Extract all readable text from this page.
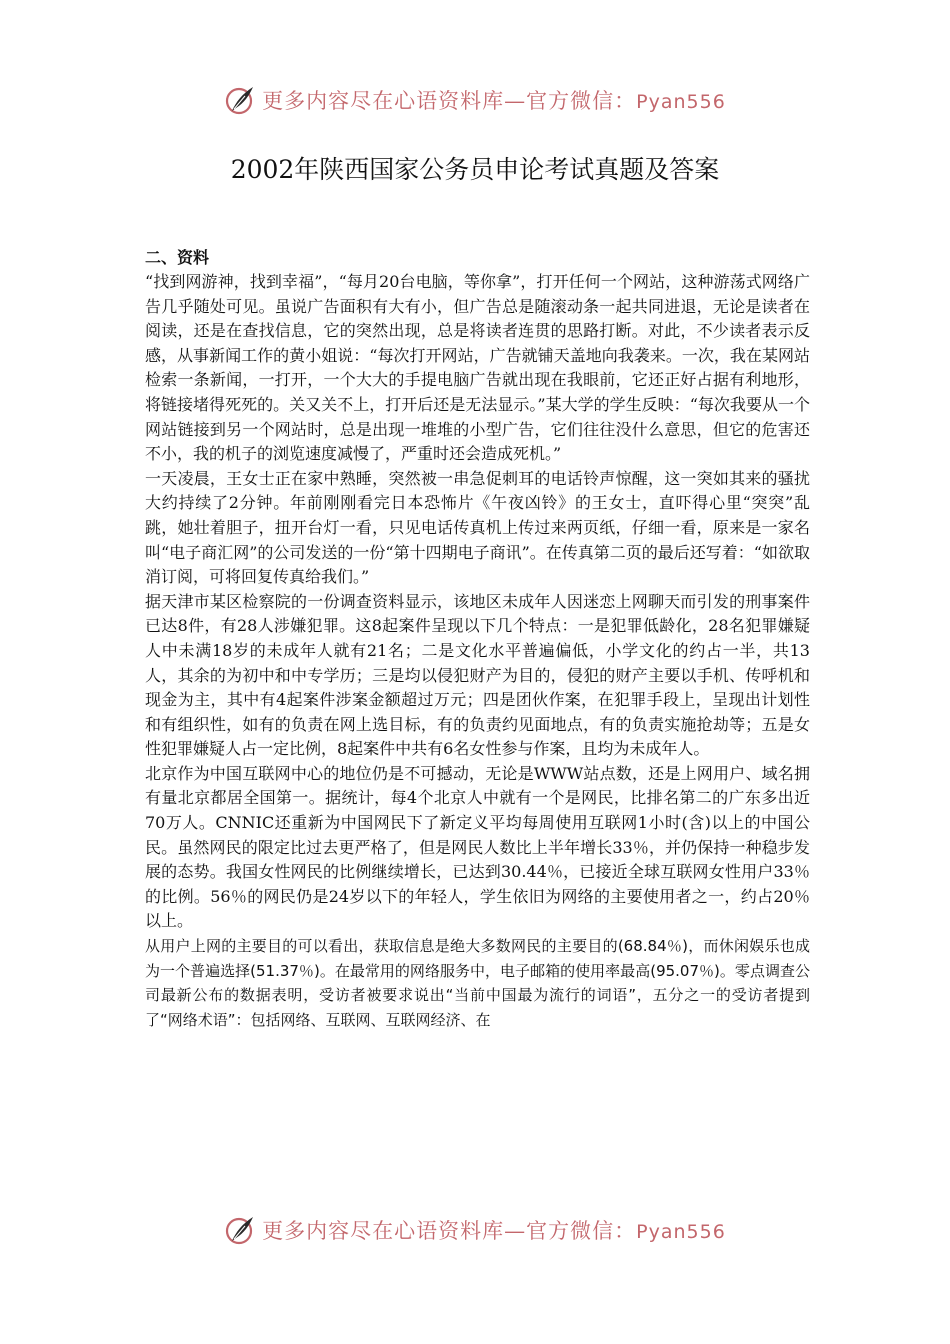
更多内容尽在心语资料库—官方微信：Pyan556
2002年陕西国家公务员申论考试真题及答案

二、资料

“找到网游神，找到幸福”，“每月20台电脑，等你拿”，打开任何一个网站，这种游荡式网络广告几乎随处可见。虽说广告面积有大有小，但广告总是随滚动条一起共同进退，无论是读者在阅读，还是在查找信息，它的突然出现，总是将读者连贯的思路打断。对此，不少读者表示反感，从事新闻工作的黄小姐说：“每次打开网站，广告就铺天盖地向我袭来。一次，我在某网站检索一条新闻，一打开，一个大大的手提电脑广告就出现在我眼前，它还正好占据有利地形，将链接堵得死死的。关又关不上，打开后还是无法显示。”某大学的学生反映：“每次我要从一个网站链接到另一个网站时，总是出现一堆堆的小型广告，它们往往没什么意思，但它的危害还不小，我的机子的浏览速度减慢了，严重时还会造成死机。”

一天凌晨，王女士正在家中熟睡，突然被一串急促刺耳的电话铃声惊醒，这一突如其来的骚扰大约持续了2分钟。年前刚刚看完日本恐怖片《午夜凶铃》的王女士，直吓得心里“突突”乱跳，她壮着胆子，扭开台灯一看，只见电话传真机上传过来两页纸，仔细一看，原来是一家名叫“电子商汇网”的公司发送的一份“第十四期电子商讯”。在传真第二页的最后还写着：“如欲取消订阅，可将回复传真给我们。”

据天津市某区检察院的一份调查资料显示，该地区未成年人因迷恋上网聊天而引发的刑事案件已达8件，有28人涉嫌犯罪。这8起案件呈现以下几个特点：一是犯罪低龄化，28名犯罪嫌疑人中未满18岁的未成年人就有21名；二是文化水平普遍偏低，小学文化的约占一半，共13人，其余的为初中和中专学历；三是均以侵犯财产为目的，侵犯的财产主要以手机、传呼机和现金为主，其中有4起案件涉案金额超过万元；四是团伙作案，在犯罪手段上，呈现出计划性和有组织性，如有的负责在网上选目标，有的负责约见面地点，有的负责实施抢劫等；五是女性犯罪嫌疑人占一定比例，8起案件中共有6名女性参与作案，且均为未成年人。

北京作为中国互联网中心的地位仍是不可撼动，无论是WWW站点数，还是上网用户、域名拥有量北京都居全国第一。据统计，每4个北京人中就有一个是网民，比排名第二的广东多出近70万人。CNNIC还重新为中国网民下了新定义平均每周使用互联网1小时(含)以上的中国公民。虽然网民的限定比过去更严格了，但是网民人数比上半年增长33％，并仍保持一种稳步发展的态势。我国女性网民的比例继续增长，已达到30.44％，已接近全球互联网女性用户33％的比例。56％的网民仍是24岁以下的年轻人，学生依旧为网络的主要使用者之一，约占20％以上。

从用户上网的主要目的可以看出，获取信息是绝大多数网民的主要目的(68.84％)，而休闲娱乐也成为一个普遍选择(51.37％)。在最常用的网络服务中，电子邮箱的使用率最高(95.07％)。零点调查公司最新公布的数据表明，受访者被要求说出“当前中国最为流行的词语”，五分之一的受访者提到了“网络术语”：包括网络、互联网、互联网经济、在

更多内容尽在心语资料库—官方微信：Pyan556
